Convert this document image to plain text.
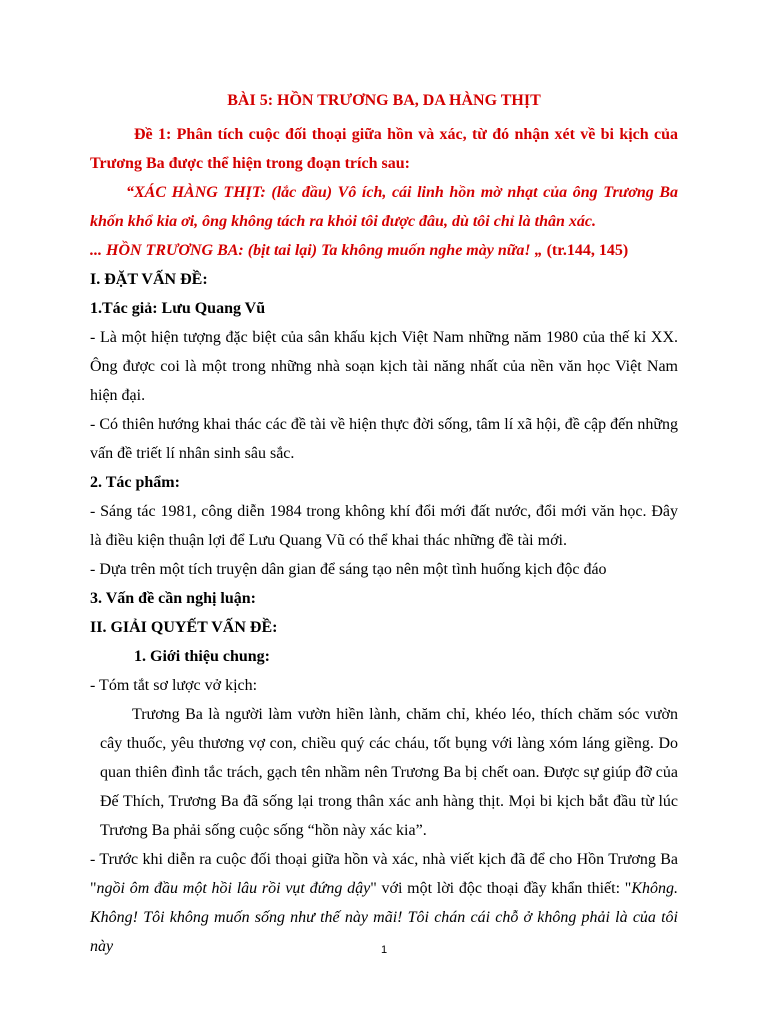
BÀI 5: HỒN TRƯƠNG BA, DA HÀNG THỊT

Đề 1: Phân tích cuộc đối thoại giữa hồn và xác, từ đó nhận xét về bi kịch của Trương Ba được thể hiện trong đoạn trích sau:

“XÁC HÀNG THỊT: (lắc đầu) Vô ích, cái linh hồn mờ nhạt của ông Trương Ba khốn khổ kia ơi, ông không tách ra khỏi tôi được đâu, dù tôi chỉ là thân xác.

... HỒN TRƯƠNG BA: (bịt tai lại) Ta không muốn nghe mày nữa! „ (tr.144, 145)

I. ĐẶT VẤN ĐỀ:

1.Tác giả: Lưu Quang Vũ

- Là một hiện tượng đặc biệt của sân khấu kịch Việt Nam những năm 1980 của thế kỉ XX. Ông được coi là một trong những nhà soạn kịch tài năng nhất của nền văn học Việt Nam hiện đại.

- Có thiên hướng khai thác các đề tài về hiện thực đời sống, tâm lí xã hội, đề cập đến những vấn đề triết lí nhân sinh sâu sắc.

2. Tác phẩm:

- Sáng tác 1981, công diễn 1984 trong không khí đổi mới đất nước, đổi mới văn học. Đây là điều kiện thuận lợi để Lưu Quang Vũ có thể khai thác những đề tài mới.

- Dựa trên một tích truyện dân gian để sáng tạo nên một tình huống kịch độc đáo

3. Vấn đề cần nghị luận:

II. GIẢI QUYẾT VẤN ĐỀ:

1. Giới thiệu chung:

- Tóm tắt sơ lược vở kịch:

Trương Ba là người làm vườn hiền lành, chăm chỉ, khéo léo, thích chăm sóc vườn cây thuốc, yêu thương vợ con, chiều quý các cháu, tốt bụng với làng xóm láng giềng. Do quan thiên đình tắc trách, gạch tên nhầm nên Trương Ba bị chết oan. Được sự giúp đỡ của Đế Thích, Trương Ba đã sống lại trong thân xác anh hàng thịt. Mọi bi kịch bắt đầu từ lúc Trương Ba phải sống cuộc sống “hồn này xác kia”.

- Trước khi diễn ra cuộc đối thoại giữa hồn và xác, nhà viết kịch đã để cho Hồn Trương Ba "ngồi ôm đầu một hồi lâu rồi vụt đứng dậy" với một lời độc thoại đầy khẩn thiết: "Không. Không! Tôi không muốn sống như thế này mãi! Tôi chán cái chỗ ở không phải là của tôi này	1
